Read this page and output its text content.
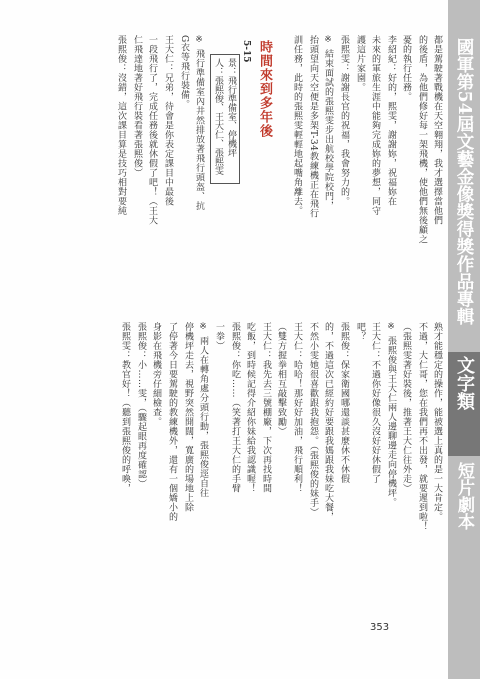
國軍第54屆文藝金像獎得獎作品專輯
文字類
短片劇本
都是駕駛著戰機在天空翱翔，我才選擇當他們
的後盾，為他們修好每一架飛機，使他們無後顧之
憂的執行任務。
李紹紀：好的，熙雯，謝謝妳，祝福妳在
未來的軍旅生涯中能夠完成妳的夢想，同守
護這片家園。
張熙雯：謝謝長官的祝福，我會努力的。
※ 結束面試的張熙雯步出航校學院校門，
抬頭望向天空便是多架T-34教練機正在飛行
訓任務，此時的張熙雯輕輕地起嘴角離去。
時間來到多年後
5-15
景：飛行準備室、停機坪
人：張熙俊、王大仁、張熙雯
※ 飛行準備室內井然排放著飛行頭盔、抗
G衣等飛行裝備。
王大仁：兄弟，待會是你表定課目中最後
一段飛行了，完成任務後就休假了吧！（王大
仁飛達地著好飛行裝看著張熙俊）
張熙俊：沒錯，這次課目算是技巧相對要純
熟才能穩定的操作，能被選上真的是一大肯定。
不過，大仁哥，您在我們再不出發，就要遲到啦！
（張熙雯著好裝後，推著王大仁往外走）
※ 張熙俊與王大仁兩人邊聊邊走向停機坪。
王大仁：不過你好像很久沒好好休假了
吧？
張熙俊：保家衛國哪還談甚麼休不休假
的，不過這次已經約好要跟我媽跟我妹吃大餐，
不然小雯她很喜歡跟我抱怨。（張熙俊的妹手）
王大仁：哈哈！那好好加油，飛行順利！
（雙方握拳相互敲擊致勵）
王大仁：我先去三號棚廠，下次再找時間
吃飯，到時候記得介紹你妹給我認識喔！
張熙俊：你吃……（笑著打王大仁的手臂
一拳）
※ 兩人在轉角處分頭行動，張熙俊逕自往
停機坪走去，視野突然開闊，寬廣的場地上除
了停著今日要駕駛的教練機外，還有一個嬌小的
身影在飛機旁仔細檢查。
張熙俊：小……雯，（驟起眼再度確認）
張熙雯：教官好！（聽到張熙俊的呼喚，
353
